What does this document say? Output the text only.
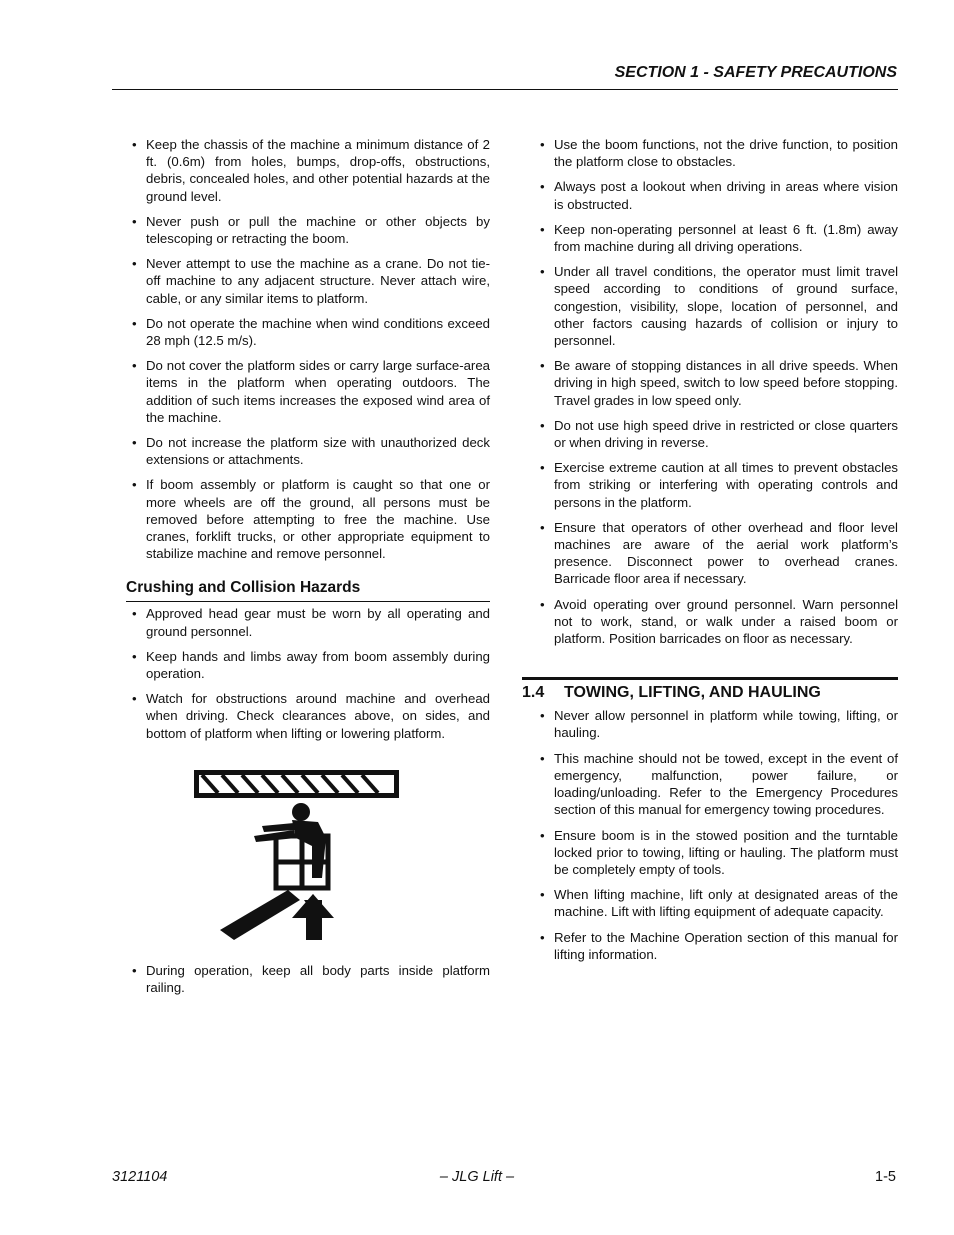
SECTION 1 - SAFETY PRECAUTIONS
• Keep the chassis of the machine a minimum distance of 2 ft. (0.6m) from holes, bumps, drop-offs, obstructions, debris, concealed holes, and other potential hazards at the ground level.
• Never push or pull the machine or other objects by telescoping or retracting the boom.
• Never attempt to use the machine as a crane. Do not tie-off machine to any adjacent structure. Never attach wire, cable, or any similar items to platform.
• Do not operate the machine when wind conditions exceed 28 mph (12.5 m/s).
• Do not cover the platform sides or carry large surface-area items in the platform when operating outdoors. The addition of such items increases the exposed wind area of the machine.
• Do not increase the platform size with unauthorized deck extensions or attachments.
• If boom assembly or platform is caught so that one or more wheels are off the ground, all persons must be removed before attempting to free the machine. Use cranes, forklift trucks, or other appropriate equipment to stabilize machine and remove personnel.
Crushing and Collision Hazards
• Approved head gear must be worn by all operating and ground personnel.
• Keep hands and limbs away from boom assembly during operation.
• Watch for obstructions around machine and overhead when driving. Check clearances above, on sides, and bottom of platform when lifting or lowering platform.
• During operation, keep all body parts inside platform railing.
• Use the boom functions, not the drive function, to position the platform close to obstacles.
• Always post a lookout when driving in areas where vision is obstructed.
• Keep non-operating personnel at least 6 ft. (1.8m) away from machine during all driving operations.
• Under all travel conditions, the operator must limit travel speed according to conditions of ground surface, congestion, visibility, slope, location of personnel, and other factors causing hazards of collision or injury to personnel.
• Be aware of stopping distances in all drive speeds. When driving in high speed, switch to low speed before stopping. Travel grades in low speed only.
• Do not use high speed drive in restricted or close quarters or when driving in reverse.
• Exercise extreme caution at all times to prevent obstacles from striking or interfering with operating controls and persons in the platform.
• Ensure that operators of other overhead and floor level machines are aware of the aerial work platform’s presence. Disconnect power to overhead cranes. Barricade floor area if necessary.
• Avoid operating over ground personnel. Warn personnel not to work, stand, or walk under a raised boom or platform. Position barricades on floor as necessary.
1.4 TOWING, LIFTING, AND HAULING
• Never allow personnel in platform while towing, lifting, or hauling.
• This machine should not be towed, except in the event of emergency, malfunction, power failure, or loading/unloading. Refer to the Emergency Procedures section of this manual for emergency towing procedures.
• Ensure boom is in the stowed position and the turntable locked prior to towing, lifting or hauling. The platform must be completely empty of tools.
• When lifting machine, lift only at designated areas of the machine. Lift with lifting equipment of adequate capacity.
• Refer to the Machine Operation section of this manual for lifting information.
3121104	– JLG Lift –	1-5
